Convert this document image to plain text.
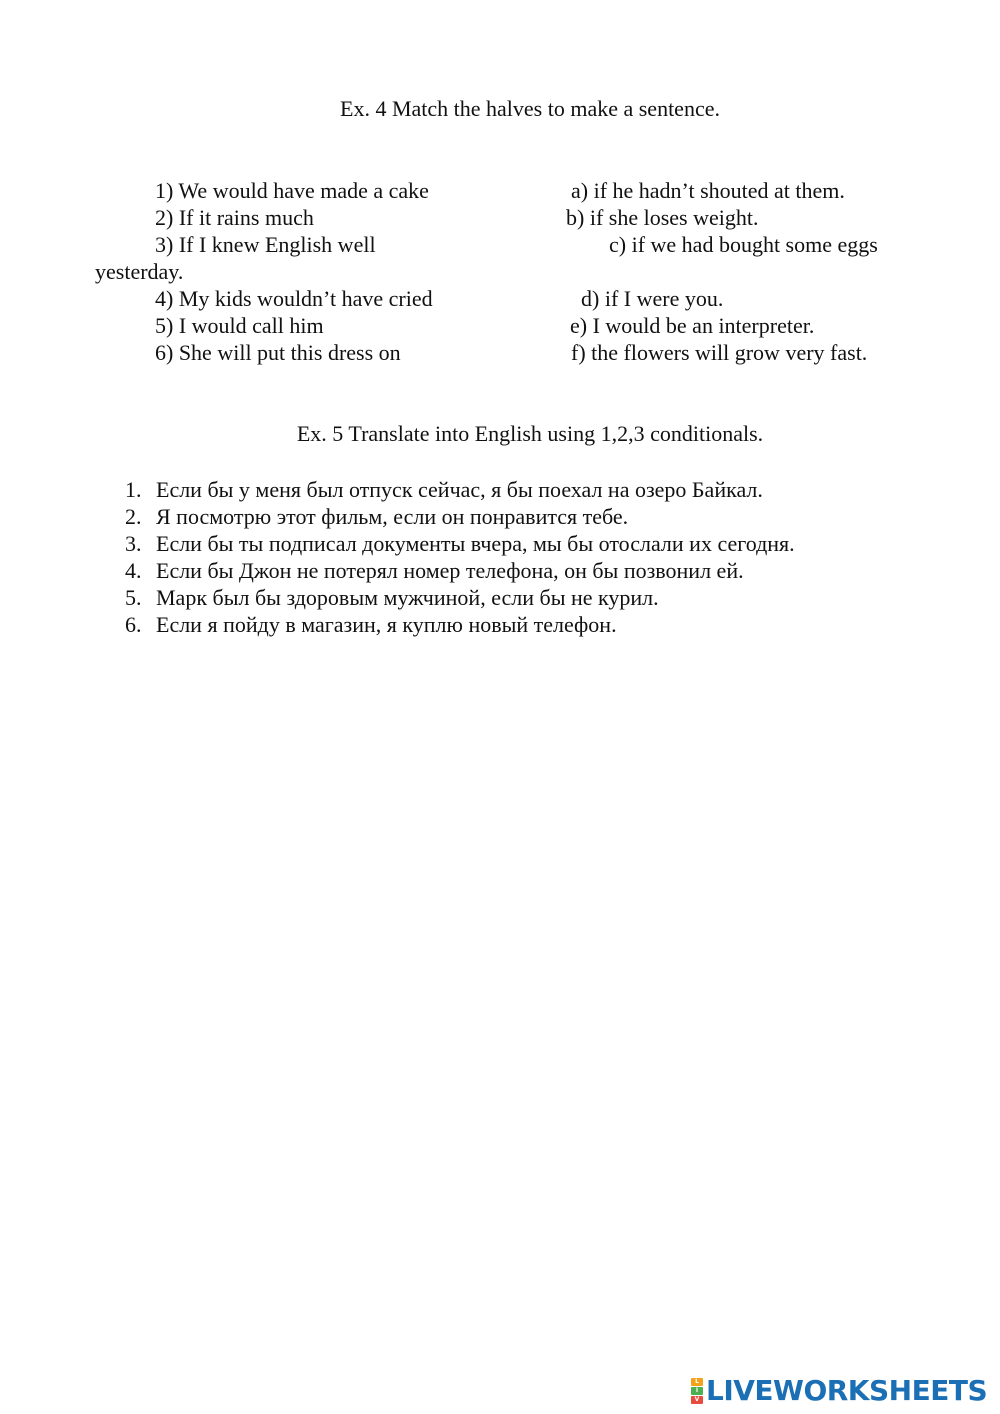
Ex. 4 Match the halves to make a sentence.
1) We would have made a cake	a) if he hadn’t shouted at them.
2) If it rains much	b) if she loses weight.
3) If I knew English well	c) if we had bought some eggs
yesterday.
4) My kids wouldn’t have cried	d) if I were you.
5) I would call him	e) I would be an interpreter.
6) She will put this dress on	f) the flowers will grow very fast.
Ex. 5 Translate into English using 1,2,3 conditionals.
1. Если бы у меня был отпуск сейчас, я бы поехал на озеро Байкал.
2. Я посмотрю этот фильм, если он понравится тебе.
3. Если бы ты подписал документы вчера, мы бы отослали их сегодня.
4. Если бы Джон не потерял номер телефона, он бы позвонил ей.
5. Марк был бы здоровым мужчиной, если бы не курил.
6. Если я пойду в магазин, я куплю новый телефон.
L
I
V LIVEWORKSHEETS
